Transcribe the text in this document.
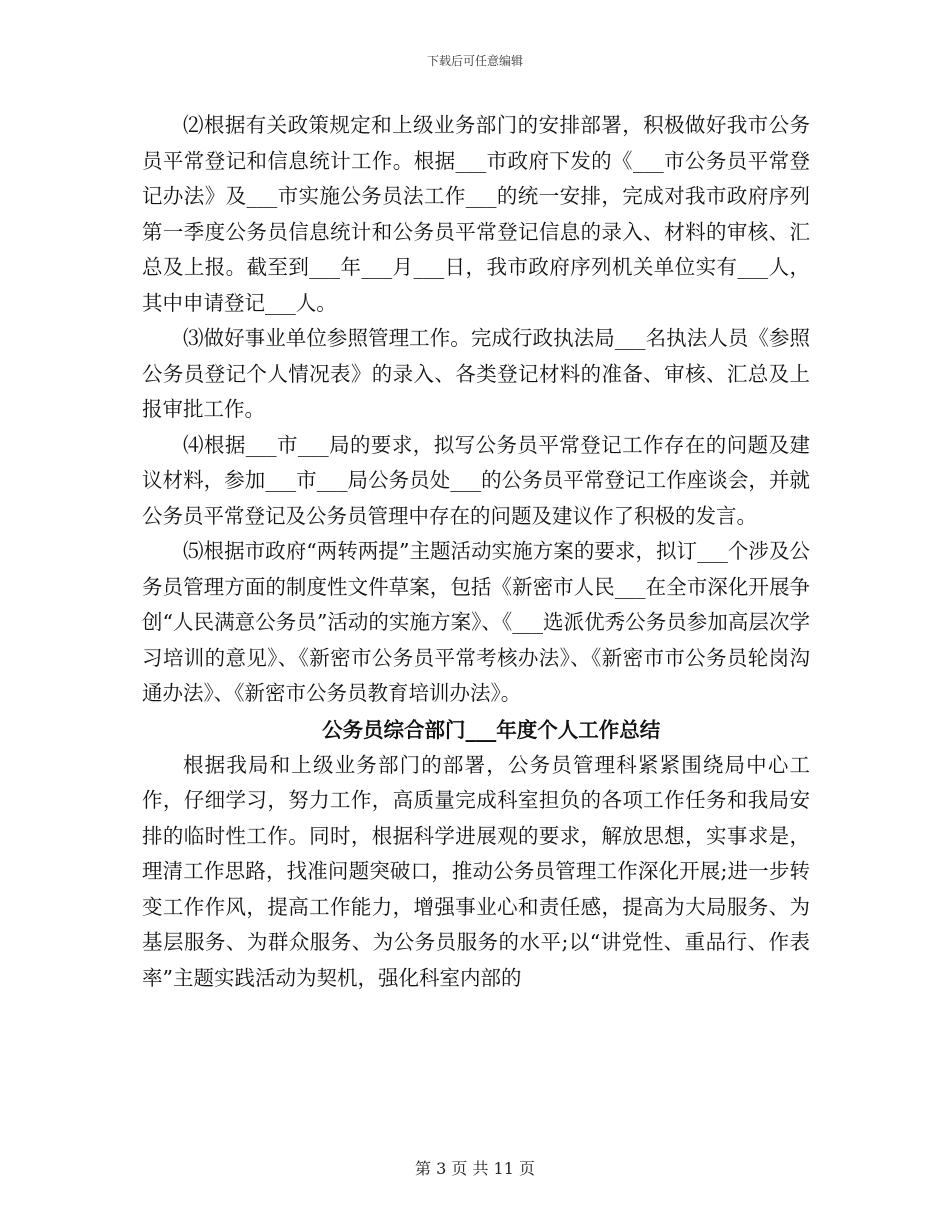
下载后可任意编辑

⑵根据有关政策规定和上级业务部门的安排部署，积极做好我市公务员平常登记和信息统计工作。根据___市政府下发的《___市公务员平常登记办法》及___市实施公务员法工作___的统一安排，完成对我市政府序列第一季度公务员信息统计和公务员平常登记信息的录入、材料的审核、汇总及上报。截至到___年___月___日，我市政府序列机关单位实有___人，其中申请登记___人。

⑶做好事业单位参照管理工作。完成行政执法局___名执法人员《参照公务员登记个人情况表》的录入、各类登记材料的准备、审核、汇总及上报审批工作。

⑷根据___市___局的要求，拟写公务员平常登记工作存在的问题及建议材料，参加___市___局公务员处___的公务员平常登记工作座谈会，并就公务员平常登记及公务员管理中存在的问题及建议作了积极的发言。

⑸根据市政府“两转两提”主题活动实施方案的要求，拟订___个涉及公务员管理方面的制度性文件草案，包括《新密市人民___在全市深化开展争创“人民满意公务员”活动的实施方案》、《___选派优秀公务员参加高层次学习培训的意见》、《新密市公务员平常考核办法》、《新密市市公务员轮岗沟通办法》、《新密市公务员教育培训办法》。

公务员综合部门___年度个人工作总结

根据我局和上级业务部门的部署，公务员管理科紧紧围绕局中心工作，仔细学习，努力工作，高质量完成科室担负的各项工作任务和我局安排的临时性工作。同时，根据科学进展观的要求，解放思想，实事求是，理清工作思路，找准问题突破口，推动公务员管理工作深化开展;进一步转变工作作风，提高工作能力，增强事业心和责任感，提高为大局服务、为基层服务、为群众服务、为公务员服务的水平;以“讲党性、重品行、作表率”主题实践活动为契机，强化科室内部的

第 3 页 共 11 页
